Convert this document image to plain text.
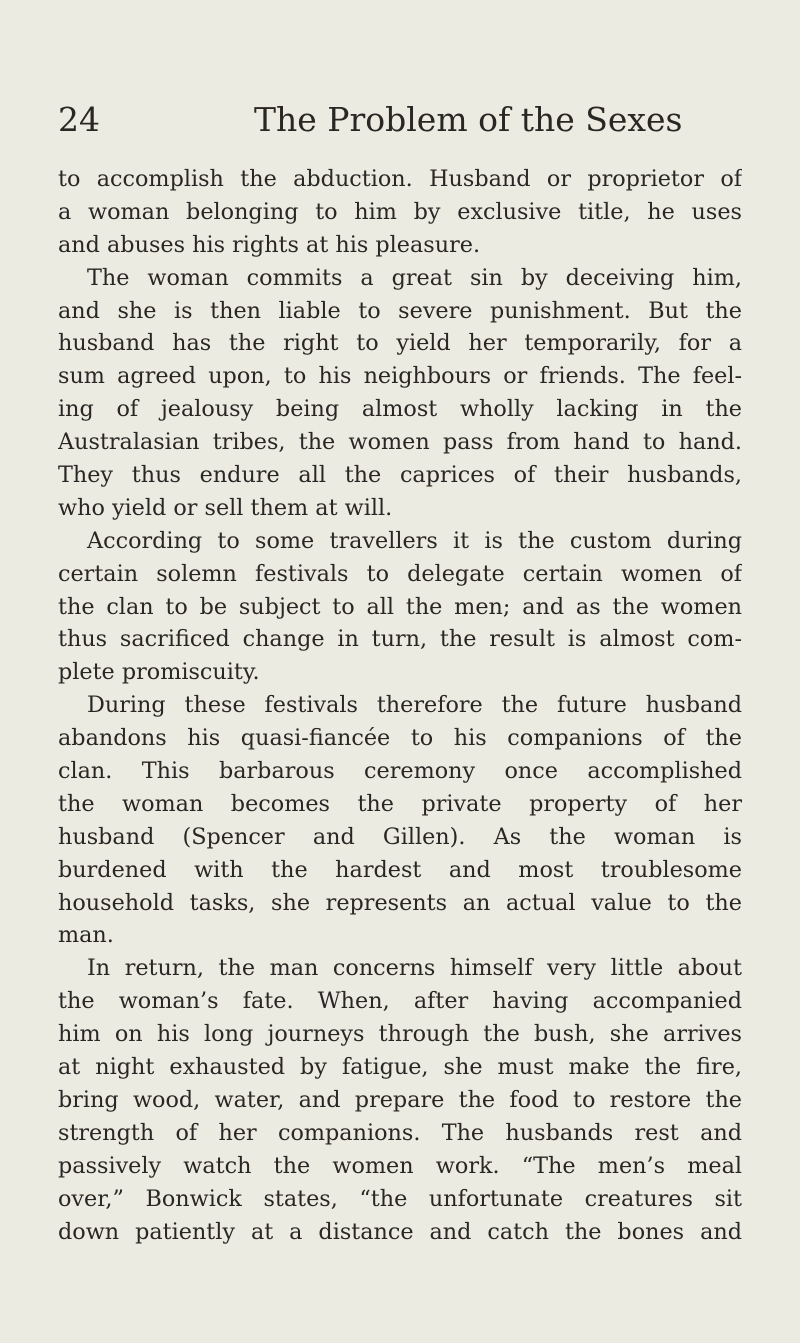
24	The Problem of the Sexes
to accomplish the abduction. Husband or proprietor of
a woman belonging to him by exclusive title, he uses
and abuses his rights at his pleasure.
The woman commits a great sin by deceiving him,
and she is then liable to severe punishment. But the
husband has the right to yield her temporarily, for a
sum agreed upon, to his neighbours or friends. The feel-
ing of jealousy being almost wholly lacking in the
Australasian tribes, the women pass from hand to hand.
They thus endure all the caprices of their husbands,
who yield or sell them at will.
According to some travellers it is the custom during
certain solemn festivals to delegate certain women of
the clan to be subject to all the men; and as the women
thus sacrificed change in turn, the result is almost com-
plete promiscuity.
During these festivals therefore the future husband
abandons his quasi-fiancée to his companions of the
clan. This barbarous ceremony once accomplished
the woman becomes the private property of her
husband (Spencer and Gillen). As the woman is
burdened with the hardest and most troublesome
household tasks, she represents an actual value to the
man.
In return, the man concerns himself very little about
the woman’s fate. When, after having accompanied
him on his long journeys through the bush, she arrives
at night exhausted by fatigue, she must make the fire,
bring wood, water, and prepare the food to restore the
strength of her companions. The husbands rest and
passively watch the women work. “The men’s meal
over,” Bonwick states, “the unfortunate creatures sit
down patiently at a distance and catch the bones and
